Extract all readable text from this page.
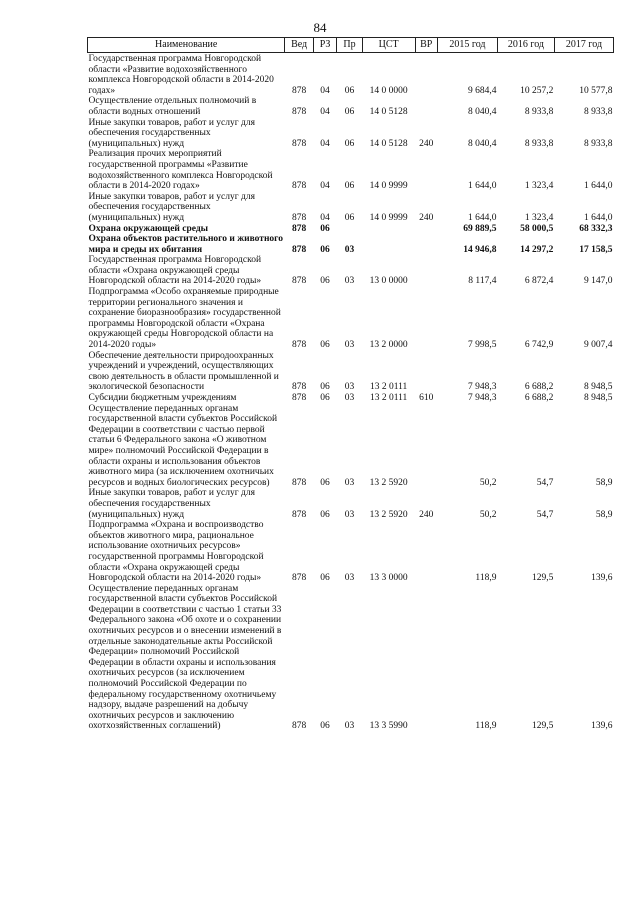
84
Наименование	Вед	РЗ	Пр	ЦСТ	ВР	2015 год	2016 год	2017 год
Государственная программа Новгородской области «Развитие водохозяйственного комплекса Новгородской области в 2014-2020 годах»	878	04	06	14 0 0000		9 684,4	10 257,2	10 577,8
Осуществление отдельных полномочий в области водных отношений	878	04	06	14 0 5128		8 040,4	8 933,8	8 933,8
Иные закупки товаров, работ и услуг для обеспечения государственных (муниципальных) нужд	878	04	06	14 0 5128	240	8 040,4	8 933,8	8 933,8
Реализация прочих мероприятий государственной программы «Развитие водохозяйственного комплекса Новгородской области в 2014-2020 годах»	878	04	06	14 0 9999		1 644,0	1 323,4	1 644,0
Иные закупки товаров, работ и услуг для обеспечения государственных (муниципальных) нужд	878	04	06	14 0 9999	240	1 644,0	1 323,4	1 644,0
Охрана окружающей среды	878	06				69 889,5	58 000,5	68 332,3
Охрана объектов растительного и животного мира и среды их обитания	878	06	03			14 946,8	14 297,2	17 158,5
Государственная программа Новгородской области «Охрана окружающей среды Новгородской области на 2014-2020 годы»	878	06	03	13 0 0000		8 117,4	6 872,4	9 147,0
Подпрограмма «Особо охраняемые природные территории регионального значения и сохранение биоразнообразия» государственной программы Новгородской области «Охрана окружающей среды Новгородской области на 2014-2020 годы»	878	06	03	13 2 0000		7 998,5	6 742,9	9 007,4
Обеспечение деятельности природоохранных учреждений и учреждений, осуществляющих свою деятельность в области промышленной и экологической безопасности	878	06	03	13 2 0111		7 948,3	6 688,2	8 948,5
Субсидии бюджетным учреждениям	878	06	03	13 2 0111	610	7 948,3	6 688,2	8 948,5
Осуществление переданных органам государственной власти субъектов Российской Федерации в соответствии с частью первой статьи 6 Федерального закона «О животном мире» полномочий Российской Федерации в области охраны и использования объектов животного мира (за исключением охотничьих ресурсов и водных биологических ресурсов)	878	06	03	13 2 5920		50,2	54,7	58,9
Иные закупки товаров, работ и услуг для обеспечения государственных (муниципальных) нужд	878	06	03	13 2 5920	240	50,2	54,7	58,9
Подпрограмма «Охрана и воспроизводство объектов животного мира, рациональное использование охотничьих ресурсов» государственной программы Новгородской области «Охрана окружающей среды Новгородской области на 2014-2020 годы»	878	06	03	13 3 0000		118,9	129,5	139,6
Осуществление переданных органам государственной власти субъектов Российской Федерации в соответствии с частью 1 статьи 33 Федерального закона «Об охоте и о сохранении охотничьих ресурсов и о внесении изменений в отдельные законодательные акты Российской Федерации» полномочий Российской Федерации в области охраны и использования охотничьих ресурсов (за исключением полномочий Российской Федерации по федеральному государственному охотничьему надзору, выдаче разрешений на добычу охотничьих ресурсов и заключению охотхозяйственных соглашений)	878	06	03	13 3 5990		118,9	129,5	139,6
